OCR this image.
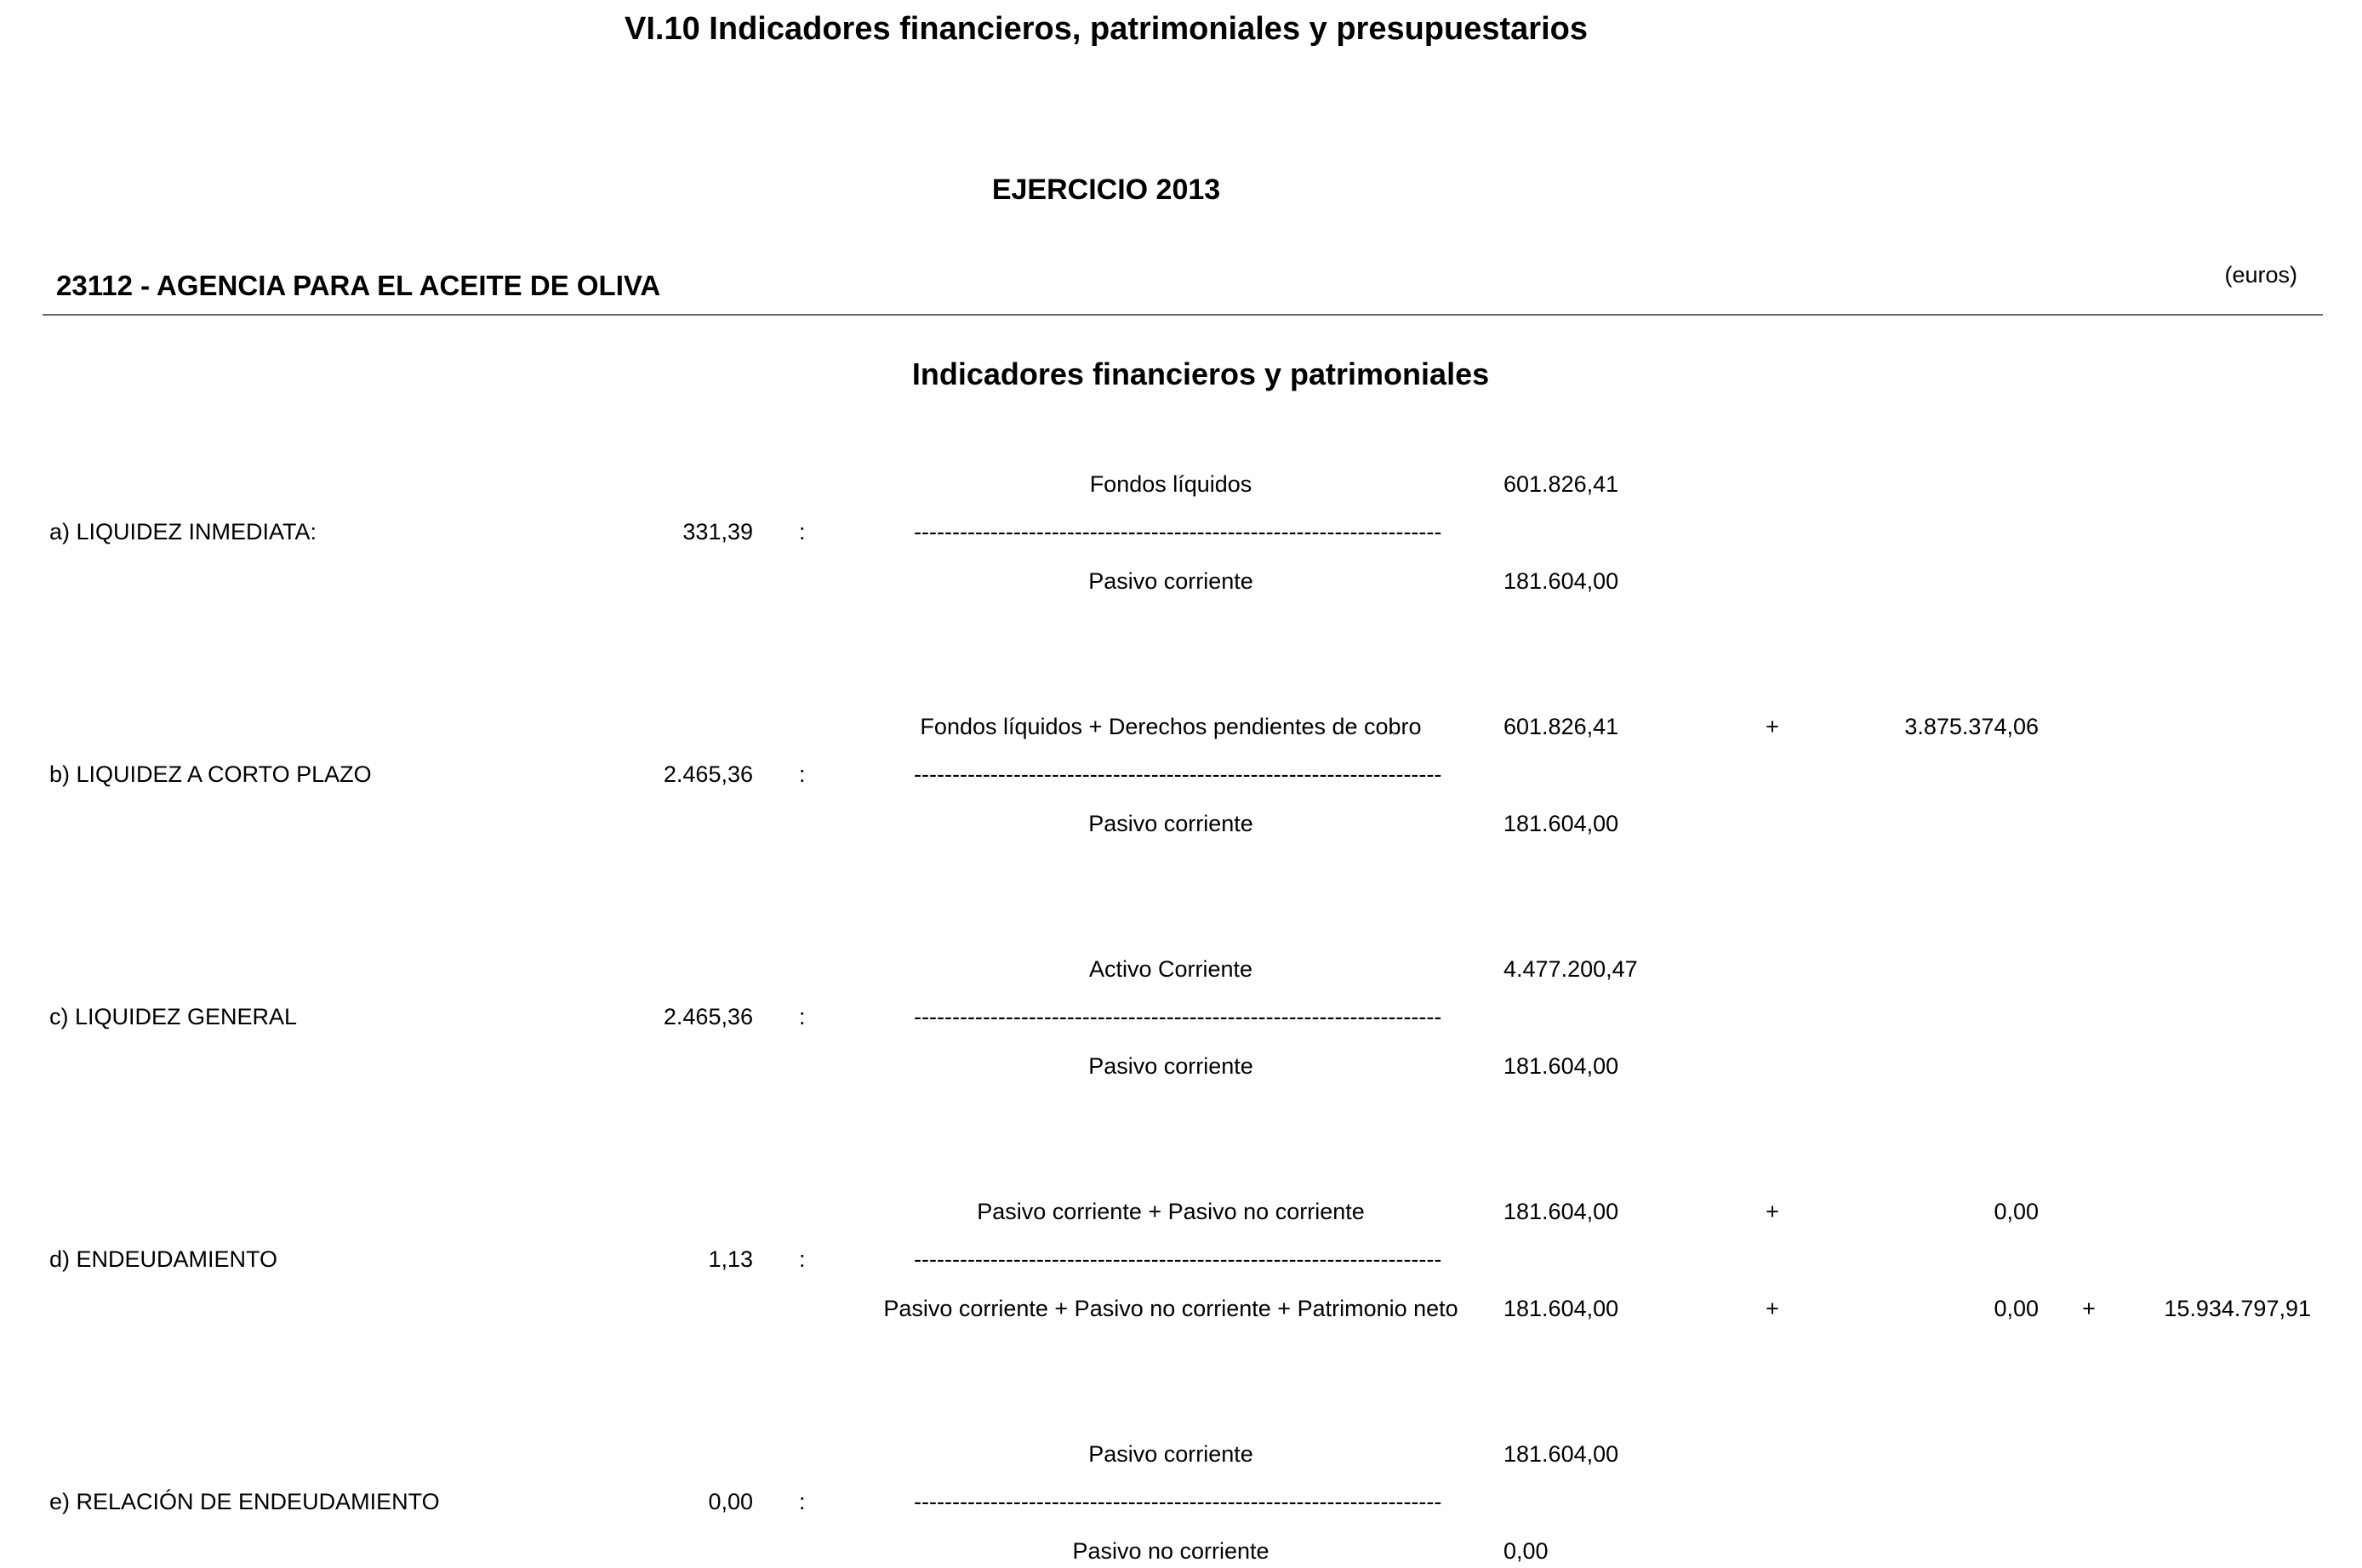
VI.10 Indicadores financieros, patrimoniales y presupuestarios
EJERCICIO 2013
23112 - AGENCIA PARA EL ACEITE DE OLIVA	(euros)
Indicadores financieros y patrimoniales
Fondos líquidos	601.826,41
a) LIQUIDEZ INMEDIATA:	331,39 :	---------------------------------------------------------------------
Pasivo corriente	181.604,00
Fondos líquidos + Derechos pendientes de cobro	601.826,41	+	3.875.374,06
b) LIQUIDEZ A CORTO PLAZO	2.465,36 :	---------------------------------------------------------------------
Pasivo corriente	181.604,00
Activo Corriente	4.477.200,47
c) LIQUIDEZ GENERAL	2.465,36 :	---------------------------------------------------------------------
Pasivo corriente	181.604,00
Pasivo corriente + Pasivo no corriente	181.604,00	+	0,00
d) ENDEUDAMIENTO	1,13 :	---------------------------------------------------------------------
Pasivo corriente + Pasivo no corriente + Patrimonio neto 181.604,00	+	0,00 +	15.934.797,91
Pasivo corriente	181.604,00
e) RELACIÓN DE ENDEUDAMIENTO	0,00 :	---------------------------------------------------------------------
Pasivo no corriente	0,00
